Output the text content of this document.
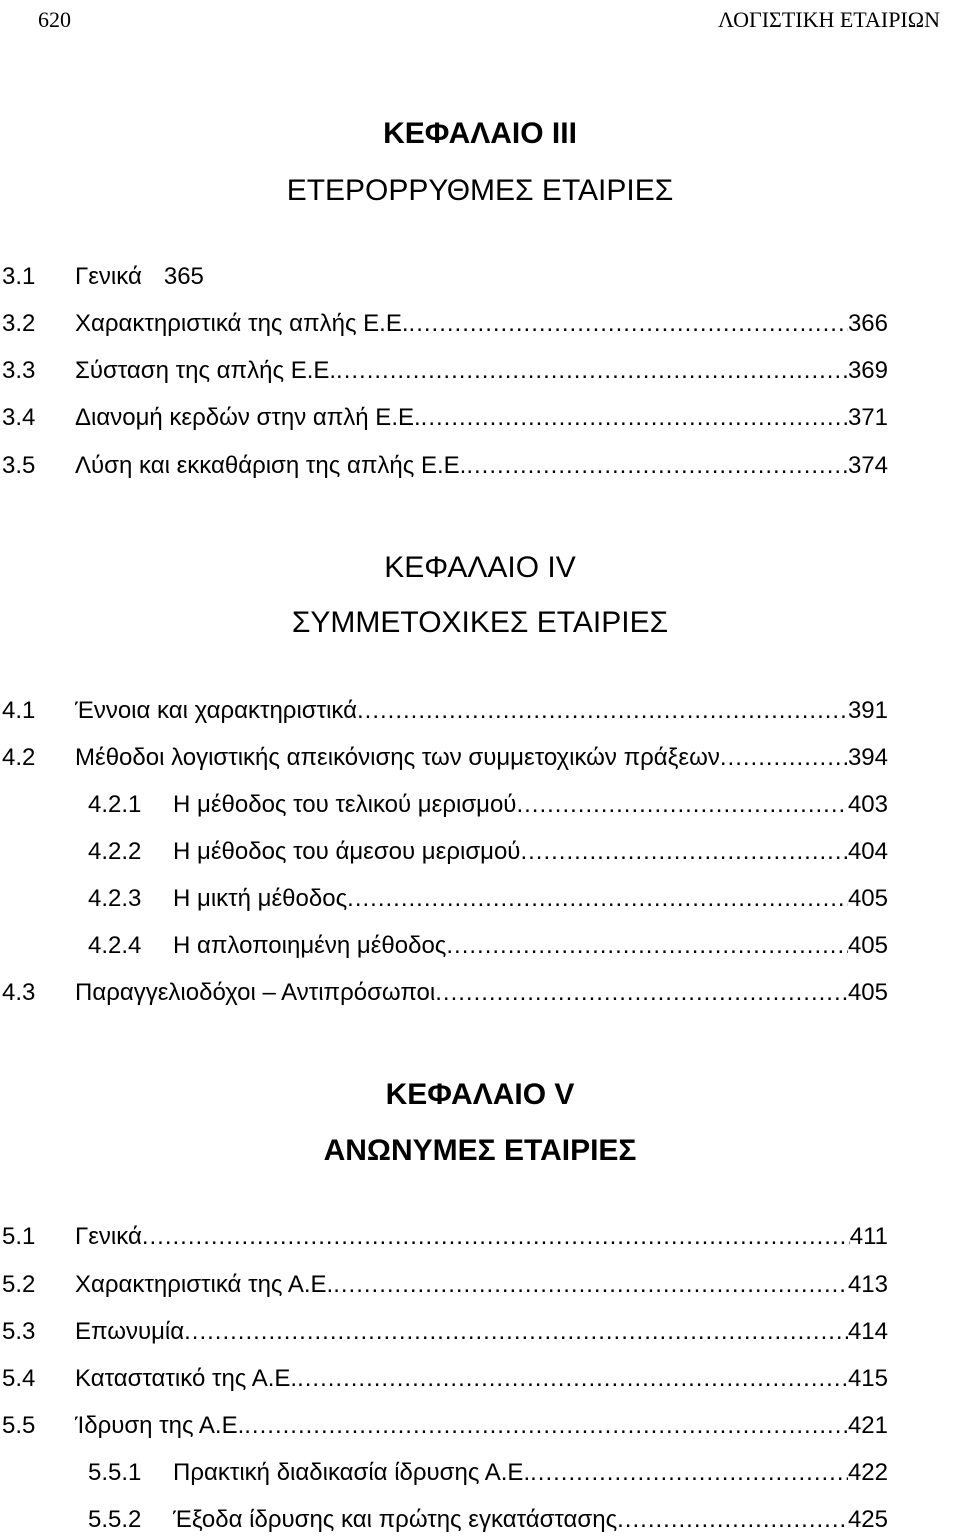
620	ΛΟΓΙΣΤΙΚΗ ΕΤΑΙΡΙΩΝ
ΚΕΦΑΛΑΙΟ III
ΕΤΕΡΟΡΡΥΘΜΕΣ ΕΤΑΙΡΙΕΣ
3.1 Γενικά 365
3.2 Χαρακτηριστικά της απλής Ε.Ε. .....	366
3.3 Σύσταση της απλής Ε.Ε. .....	369
3.4 Διανομή κερδών στην απλή Ε.Ε. .....	371
3.5 Λύση και εκκαθάριση της απλής Ε.Ε. .....	374
ΚΕΦΑΛΑΙΟ IV
ΣΥΜΜΕΤΟΧΙΚΕΣ ΕΤΑΙΡΙΕΣ
4.1 Έννοια και χαρακτηριστικά .....	391
4.2 Μέθοδοι λογιστικής απεικόνισης των συμμετοχικών πράξεων .....	394
4.2.1 Η μέθοδος του τελικού μερισμού .....	403
4.2.2 Η μέθοδος του άμεσου μερισμού .....	404
4.2.3 Η μικτή μέθοδος .....	405
4.2.4 Η απλοποιημένη μέθοδος .....	405
4.3 Παραγγελιοδόχοι – Αντιπρόσωποι .....	405
ΚΕΦΑΛΑΙΟ V
ΑΝΩΝΥΜΕΣ ΕΤΑΙΡΙΕΣ
5.1 Γενικά .....	411
5.2 Χαρακτηριστικά της Α.Ε. .....	413
5.3 Επωνυμία .....	414
5.4 Καταστατικό της Α.Ε. .....	415
5.5 Ίδρυση της Α.Ε. .....	421
5.5.1 Πρακτική διαδικασία ίδρυσης Α.Ε. .....	422
5.5.2 Έξοδα ίδρυσης και πρώτης εγκατάστασης .....	425
